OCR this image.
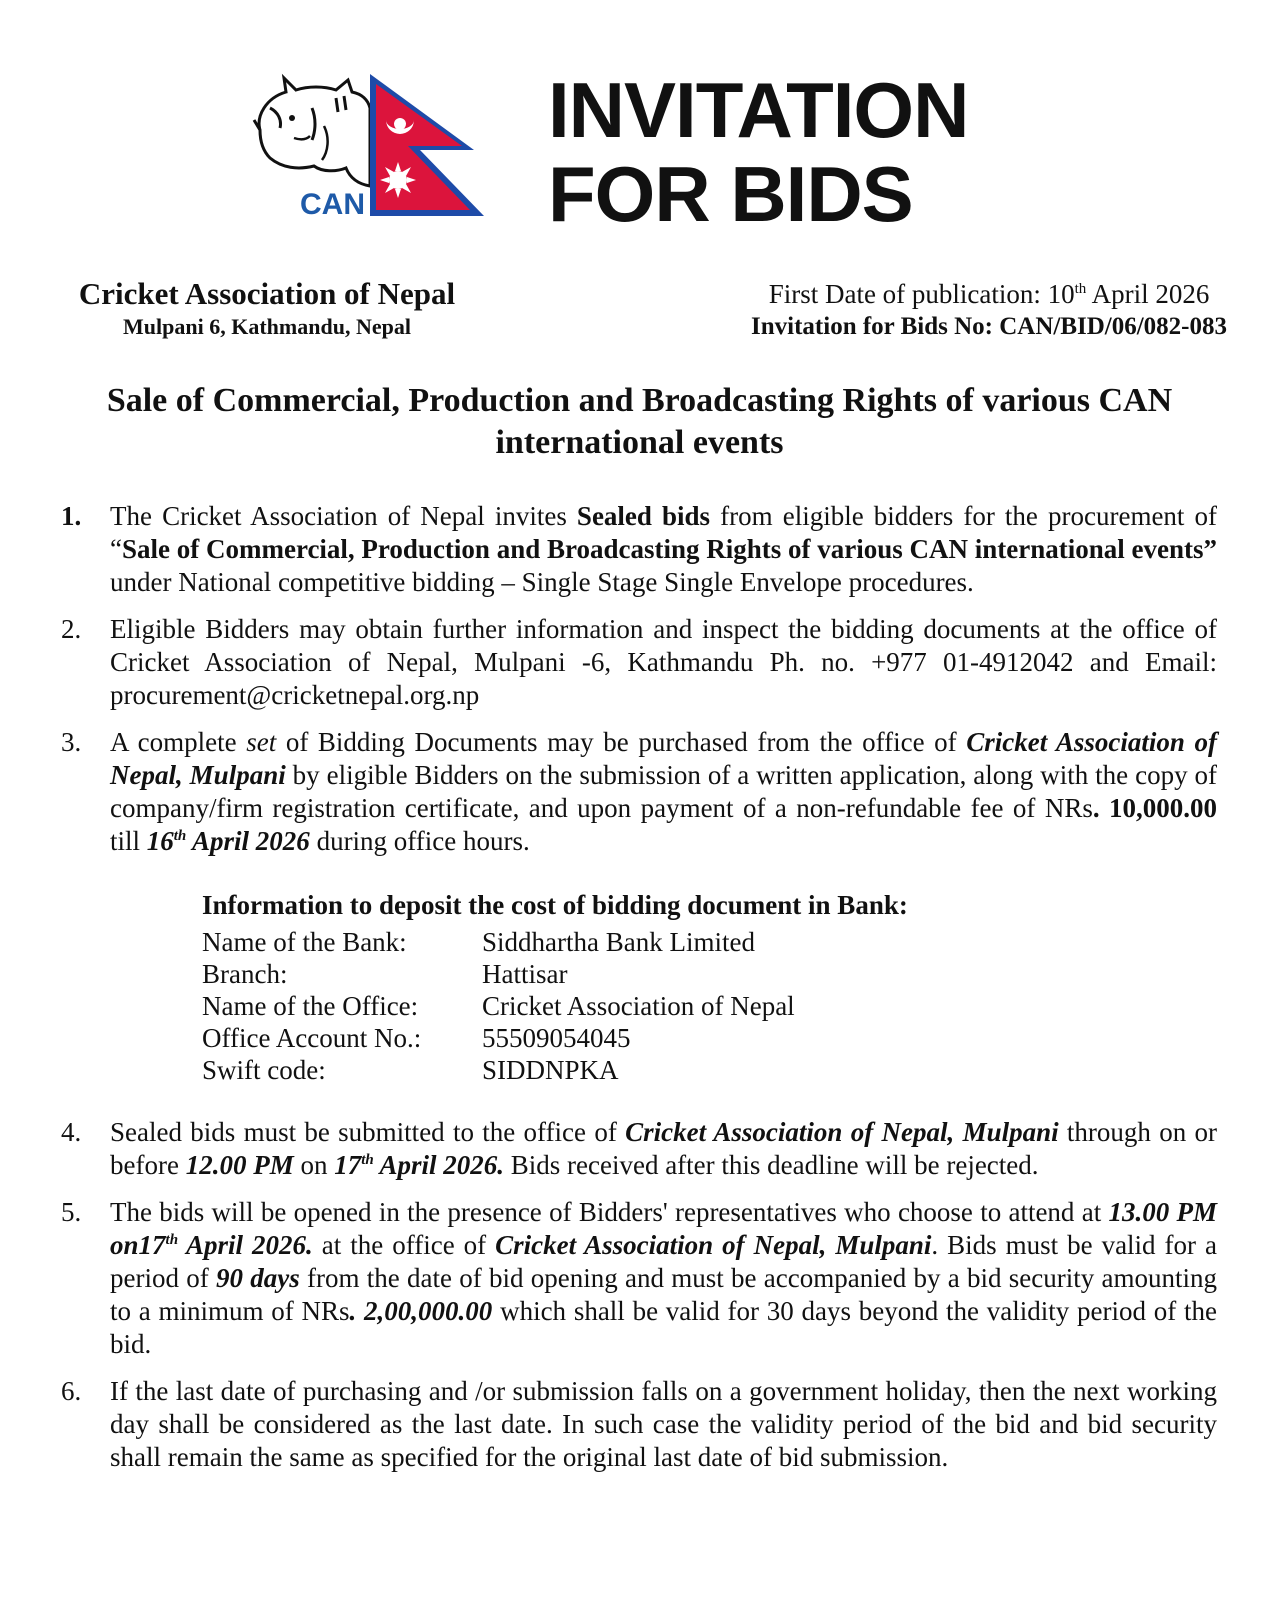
CAN
INVITATION
FOR BIDS
Cricket Association of Nepal
Mulpani 6, Kathmandu, Nepal
First Date of publication: 10th April 2026
Invitation for Bids No: CAN/BID/06/082-083
Sale of Commercial, Production and Broadcasting Rights of various CAN international events
1. The Cricket Association of Nepal invites Sealed bids from eligible bidders for the procurement of “Sale of Commercial, Production and Broadcasting Rights of various CAN international events” under National competitive bidding – Single Stage Single Envelope procedures.
2. Eligible Bidders may obtain further information and inspect the bidding documents at the office of Cricket Association of Nepal, Mulpani -6, Kathmandu Ph. no. +977 01-4912042 and Email: procurement@cricketnepal.org.np
3. A complete set of Bidding Documents may be purchased from the office of Cricket Association of Nepal, Mulpani by eligible Bidders on the submission of a written application, along with the copy of company/firm registration certificate, and upon payment of a non-refundable fee of NRs. 10,000.00 till 16th April 2026 during office hours.
Information to deposit the cost of bidding document in Bank:
Name of the Bank:	Siddhartha Bank Limited
Branch:	Hattisar
Name of the Office:	Cricket Association of Nepal
Office Account No.:	55509054045
Swift code:	SIDDNPKA
4. Sealed bids must be submitted to the office of Cricket Association of Nepal, Mulpani through on or before 12.00 PM on 17th April 2026. Bids received after this deadline will be rejected.
5. The bids will be opened in the presence of Bidders' representatives who choose to attend at 13.00 PM on17th April 2026. at the office of Cricket Association of Nepal, Mulpani. Bids must be valid for a period of 90 days from the date of bid opening and must be accompanied by a bid security amounting to a minimum of NRs. 2,00,000.00 which shall be valid for 30 days beyond the validity period of the bid.
6. If the last date of purchasing and /or submission falls on a government holiday, then the next working day shall be considered as the last date. In such case the validity period of the bid and bid security shall remain the same as specified for the original last date of bid submission.
